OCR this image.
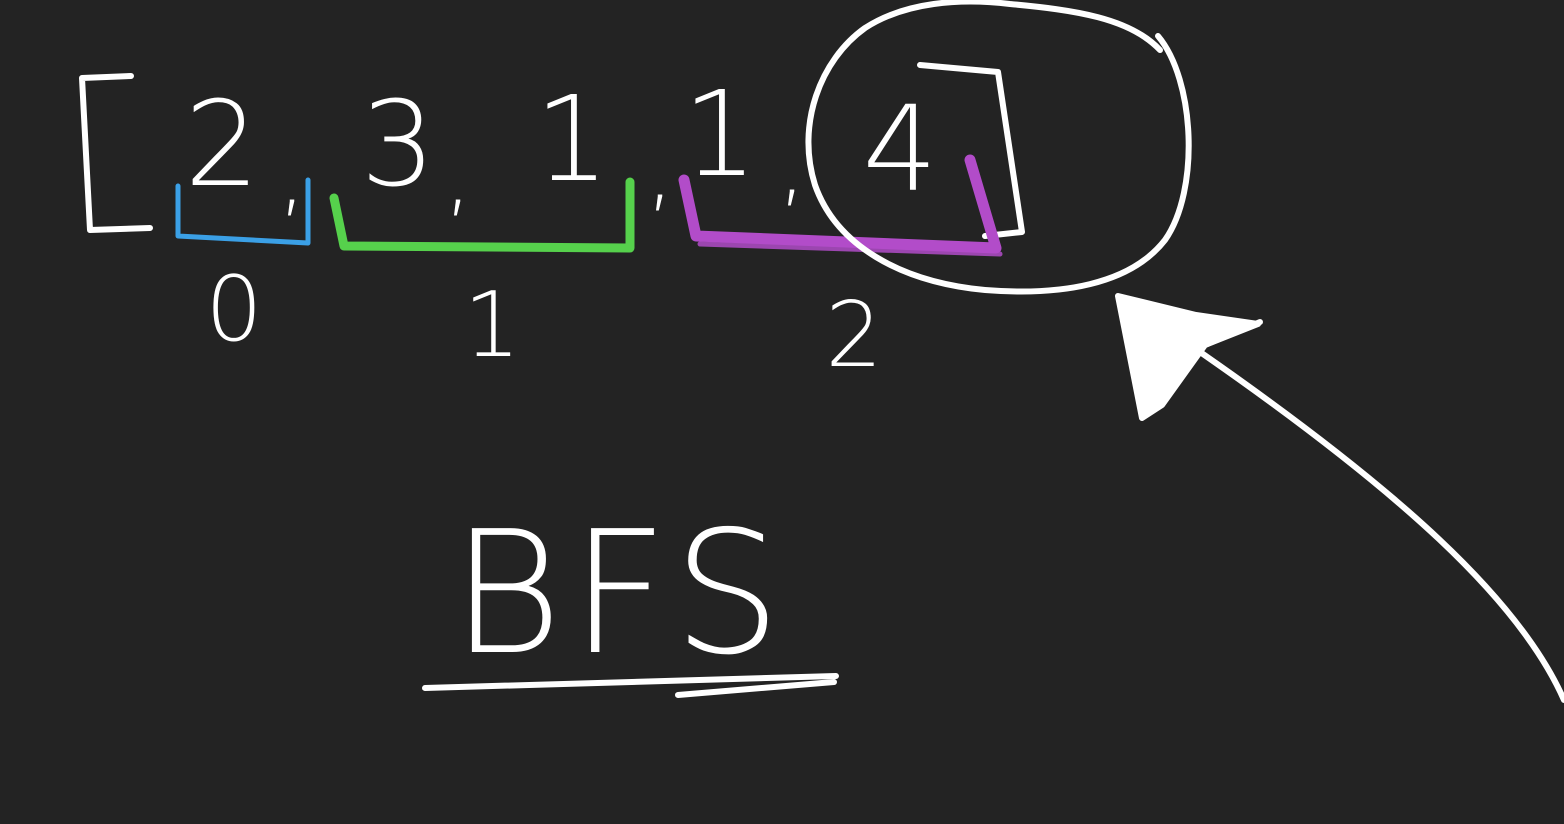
2 , 3 , 1 , 1 , 4
0 1	2
BFS
